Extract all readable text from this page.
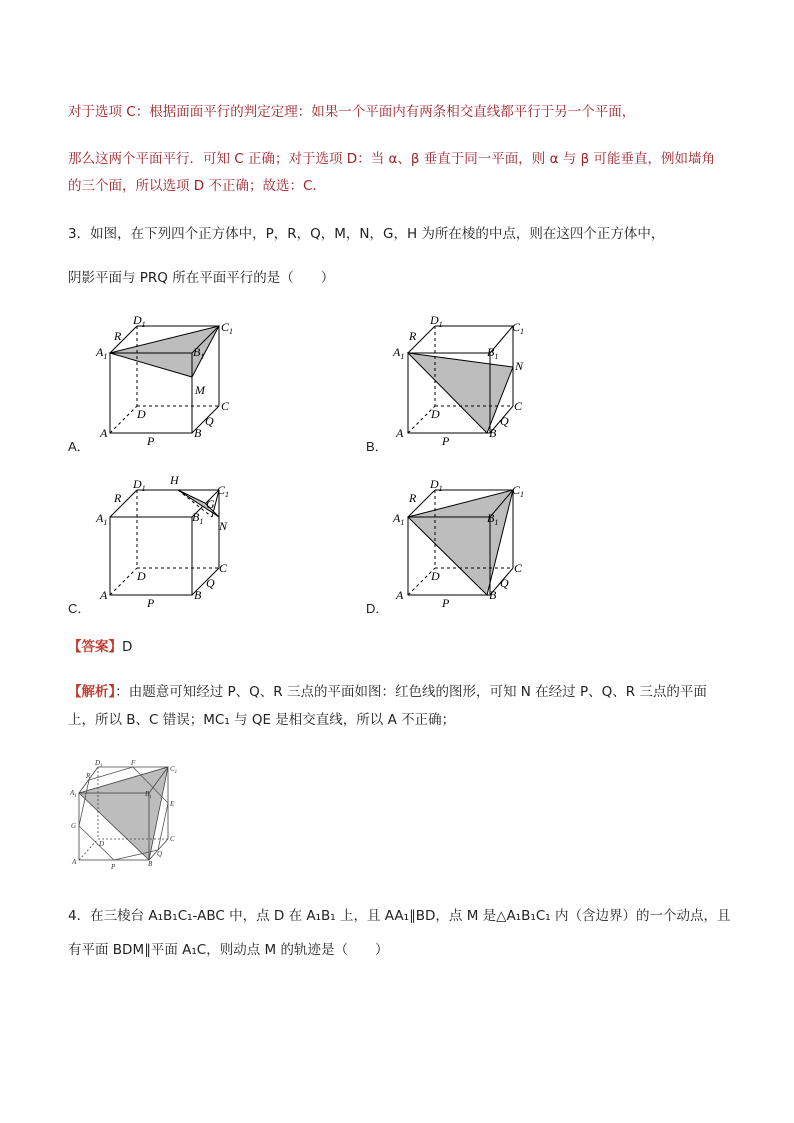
对于选项 C：根据面面平行的判定定理：如果一个平面内有两条相交直线都平行于另一个平面，
那么这两个平面平行．可知 C 正确；对于选项 D：当 α、β 垂直于同一平面，则 α 与 β 可能垂直，例如墙角
的三个面，所以选项 D 不正确；故选：C.
3．如图，在下列四个正方体中，P，R，Q，M，N，G，H 为所在棱的中点，则在这四个正方体中，
阴影平面与 PRQ 所在平面平行的是（　　）
A．	B．
C．	D．
R
$D_1$	$C_1$
$A_1$	$B_1$
M
D
C
Q
A	B
P
R
$D_1$	$C_1$
$A_1$	$B_1$
N
D
C
Q
A	B
P
R
$D_1$
H
$C_1$
G
$A_1$	$B_1$ N
D
C
Q
A	B
P
R
$D_1$	$C_1$
$A_1$	$B_1$
D
C
Q
A	B
P
R
$D_1$	F
$C_1$
$A_1$	$B_1$
E
G
D
C
Q
A	B
P
【答案】D
【解析】：由题意可知经过 P、Q、R 三点的平面如图：红色线的图形，可知 N 在经过 P、Q、R 三点的平面
上，所以 B、C 错误；MC₁ 与 QE 是相交直线，所以 A 不正确；
4．在三棱台 A₁B₁C₁-ABC 中，点 D 在 A₁B₁ 上，且 AA₁∥BD，点 M 是△A₁B₁C₁ 内（含边界）的一个动点，且
有平面 BDM∥平面 A₁C，则动点 M 的轨迹是（　　）
